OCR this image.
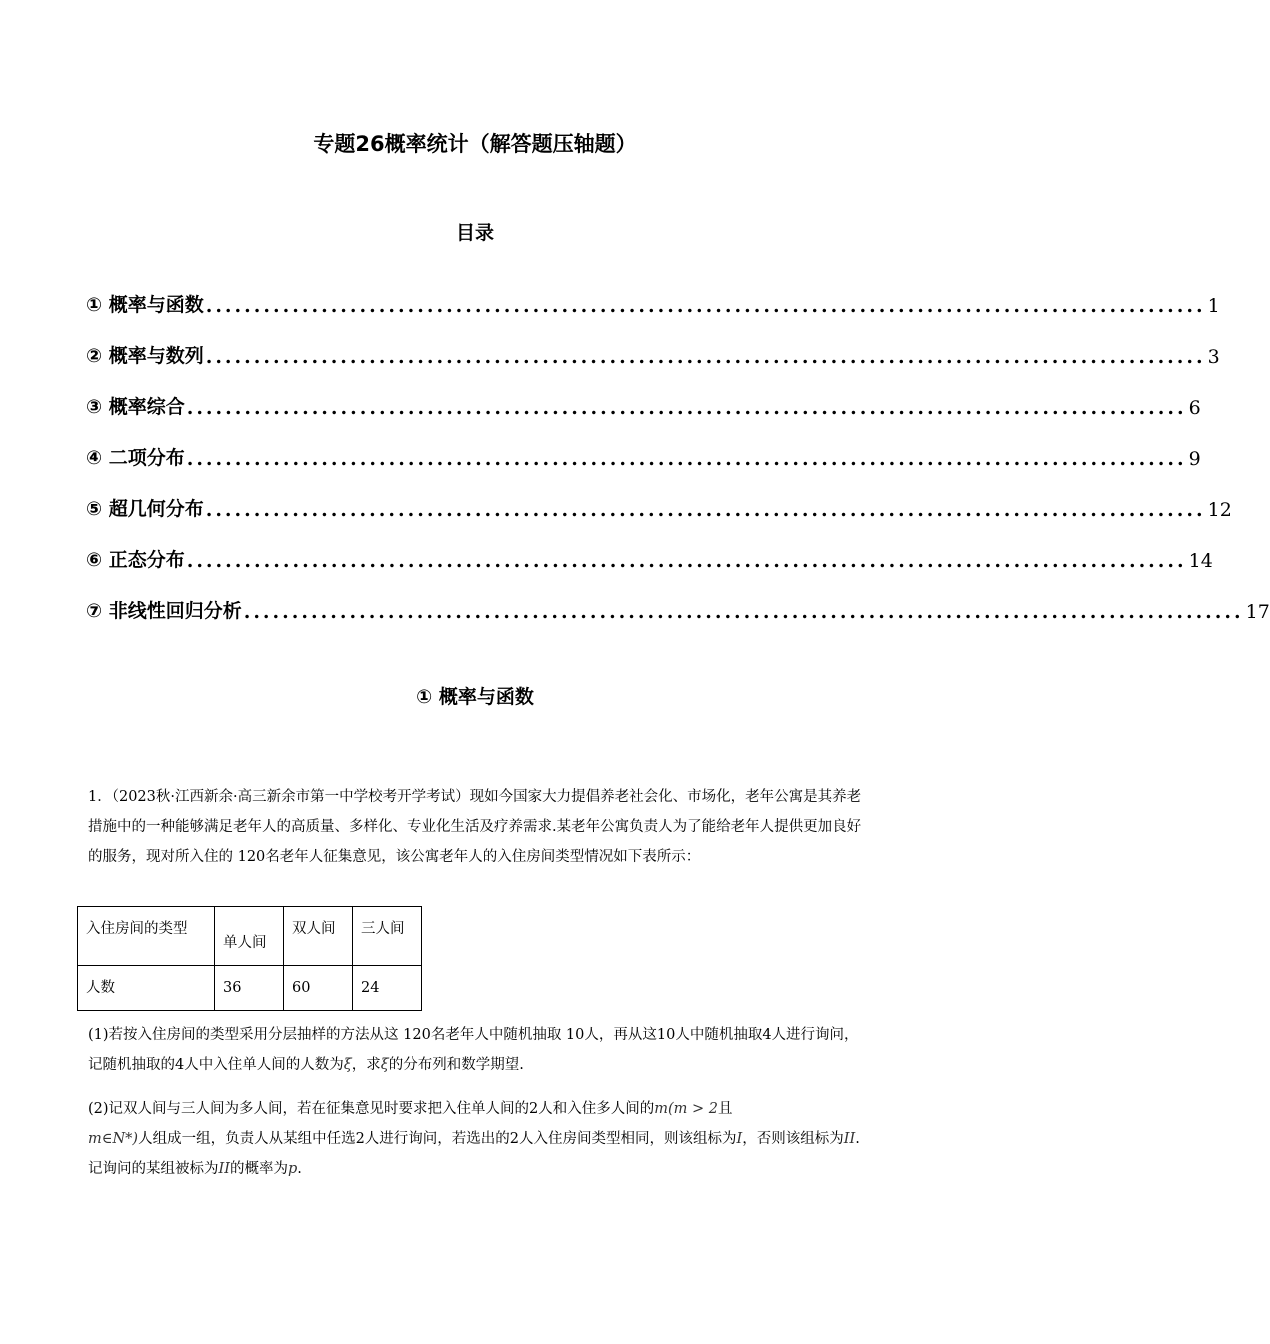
专题26概率统计（解答题压轴题）
目录
① 概率与函数 ........................................................................................................ 1
② 概率与数列 ........................................................................................................ 3
③ 概率综合 ........................................................................................................ 6
④ 二项分布 ........................................................................................................ 9
⑤ 超几何分布 ........................................................................................................ 12
⑥ 正态分布 ........................................................................................................ 14
⑦ 非线性回归分析 ........................................................................................................ 17
① 概率与函数
1．（2023秋·江西新余·高三新余市第一中学校考开学考试）现如今国家大力提倡养老社会化、市场化，老年公寓是其养老措施中的一种能够满足老年人的高质量、多样化、专业化生活及疗养需求.某老年公寓负责人为了能给老年人提供更加良好的服务，现对所入住的 120名老年人征集意见，该公寓老年人的入住房间类型情况如下表所示：
入住房间的类型	单人间	双人间	三人间
人数	36	60	24
(1)若按入住房间的类型采用分层抽样的方法从这 120名老年人中随机抽取 10人，再从这10人中随机抽取4人进行询问，记随机抽取的4人中入住单人间的人数为ξ，求ξ的分布列和数学期望.
(2)记双人间与三人间为多人间，若在征集意见时要求把入住单人间的2人和入住多人间的m(m > 2且
m∈N*)人组成一组，负责人从某组中任选2人进行询问，若选出的2人入住房间类型相同，则该组标为I，否则该组标为II.记询问的某组被标为II的概率为p.
